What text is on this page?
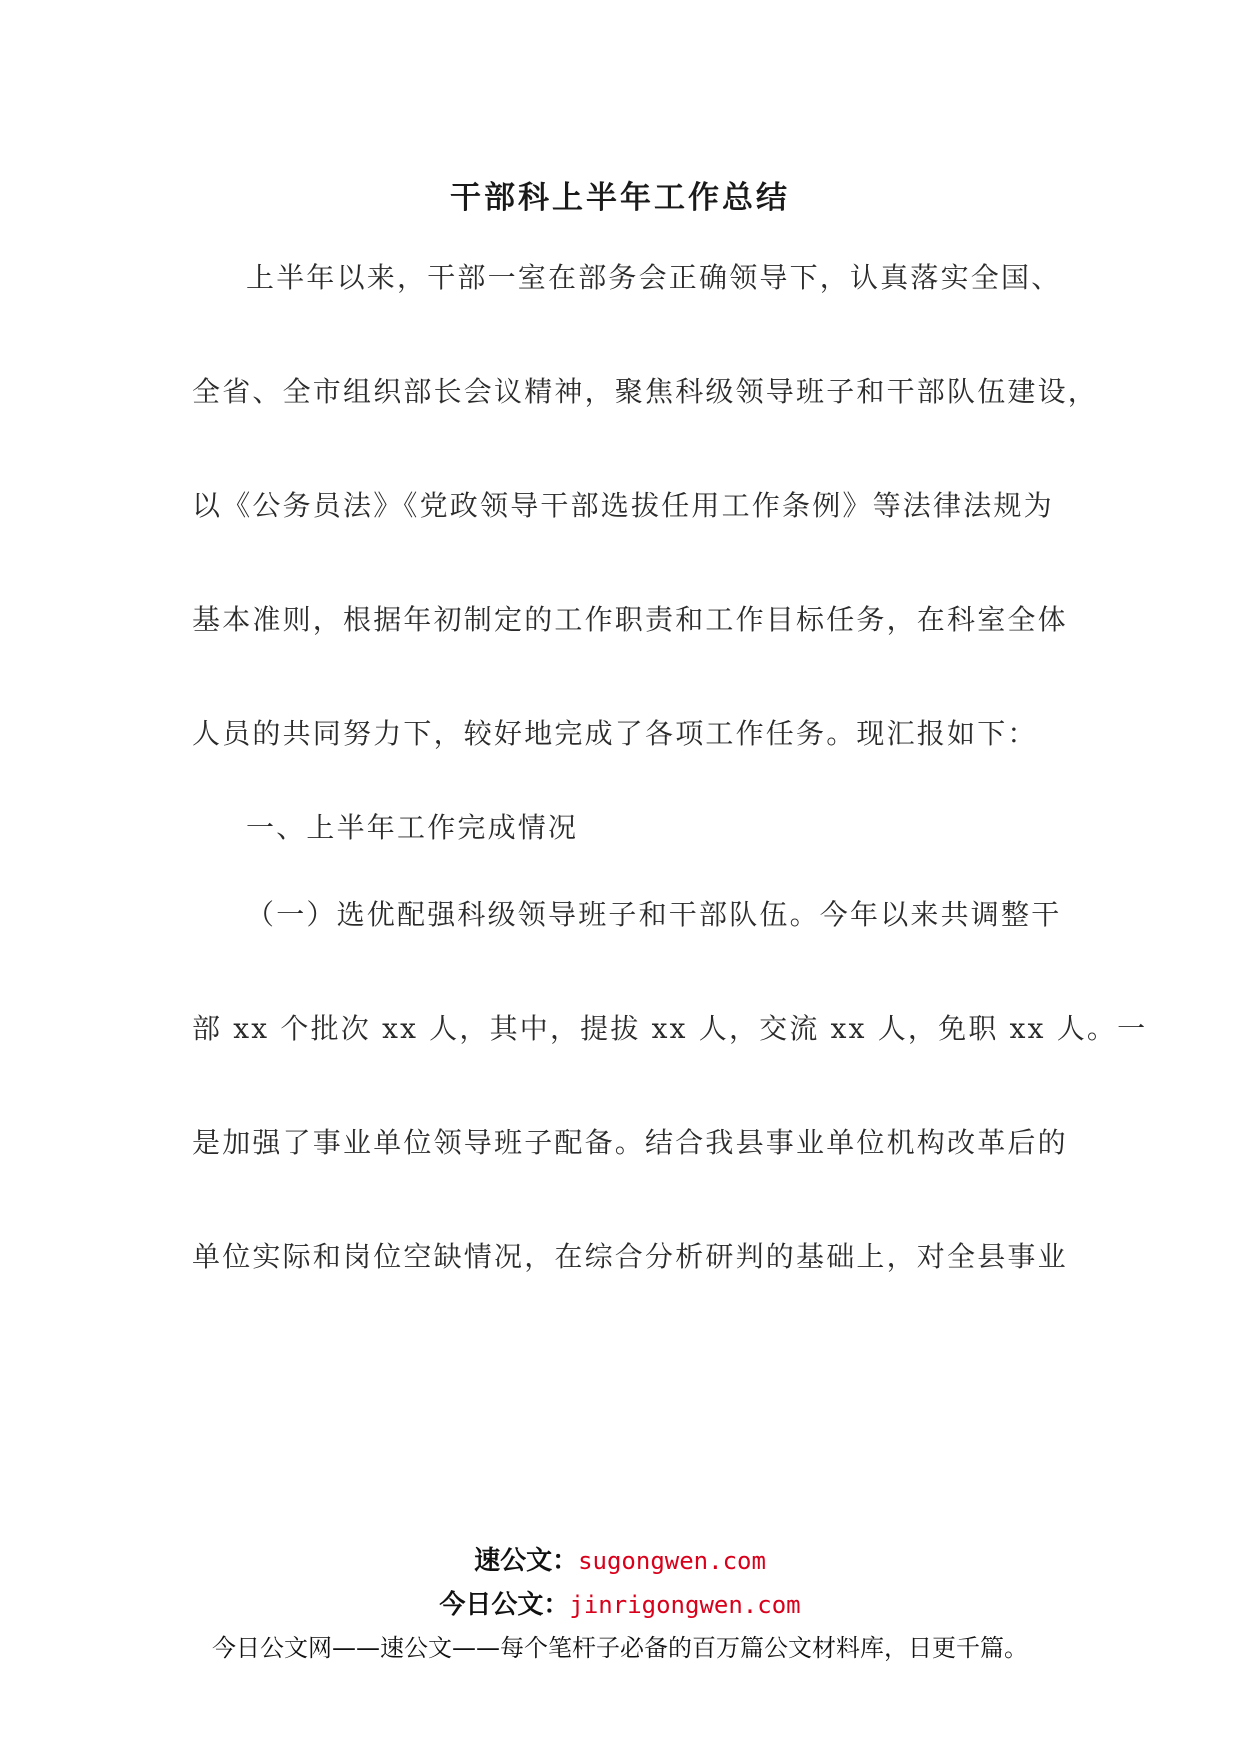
干部科上半年工作总结
上半年以来，干部一室在部务会正确领导下，认真落实全国、
全省、全市组织部长会议精神，聚焦科级领导班子和干部队伍建设，
以《公务员法》《党政领导干部选拔任用工作条例》等法律法规为
基本准则，根据年初制定的工作职责和工作目标任务，在科室全体
人员的共同努力下，较好地完成了各项工作任务。现汇报如下：
一、上半年工作完成情况
（一）选优配强科级领导班子和干部队伍。今年以来共调整干
部 xx 个批次 xx 人，其中，提拔 xx 人，交流 xx 人，免职 xx 人。一
是加强了事业单位领导班子配备。结合我县事业单位机构改革后的
单位实际和岗位空缺情况，在综合分析研判的基础上，对全县事业
速公文：sugongwen.com
今日公文：jinrigongwen.com
今日公文网——速公文——每个笔杆子必备的百万篇公文材料库，日更千篇。
